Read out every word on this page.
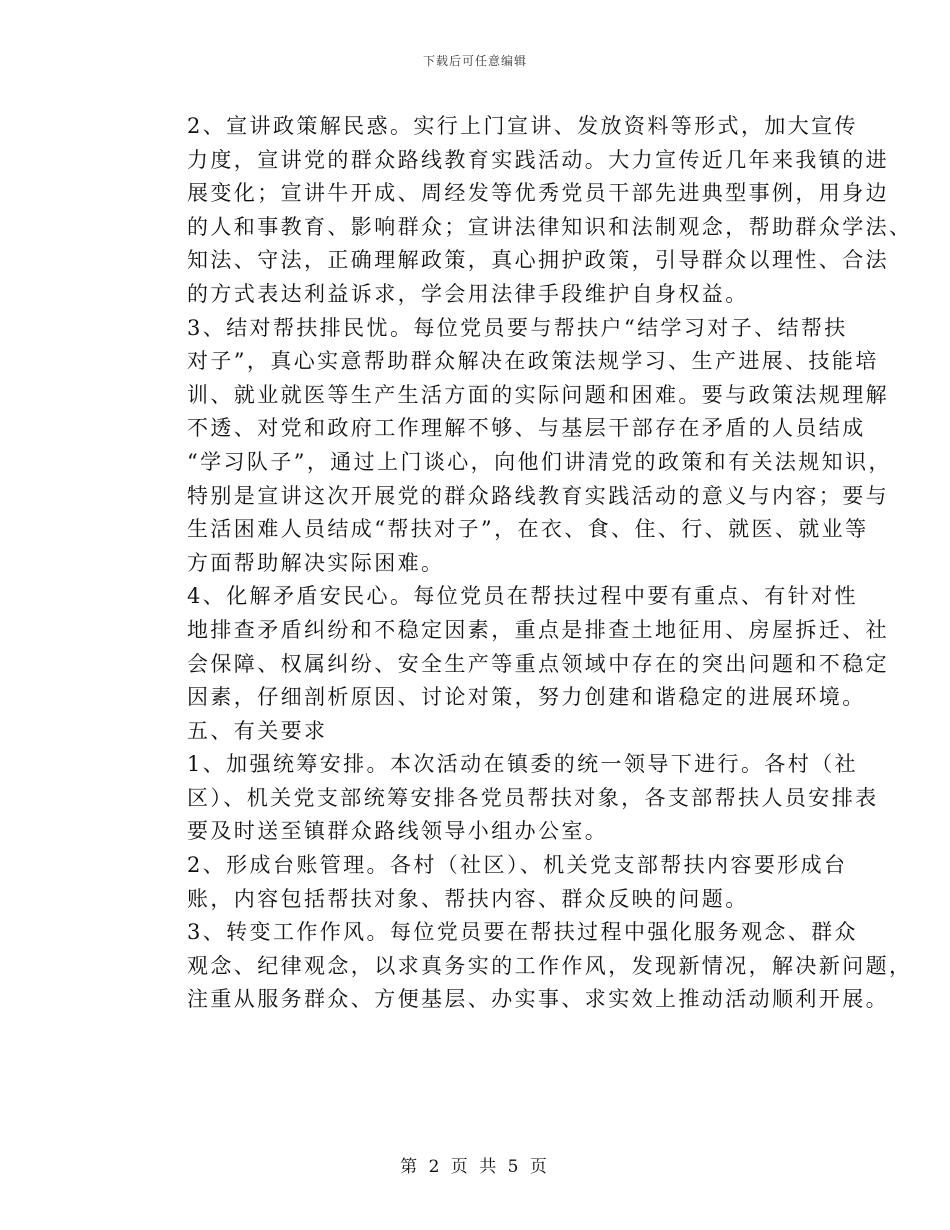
下载后可任意编辑

2、宣讲政策解民惑。实行上门宣讲、发放资料等形式，加大宣传
力度，宣讲党的群众路线教育实践活动。大力宣传近几年来我镇的进
展变化；宣讲牛开成、周经发等优秀党员干部先进典型事例，用身边
的人和事教育、影响群众；宣讲法律知识和法制观念，帮助群众学法、
知法、守法，正确理解政策，真心拥护政策，引导群众以理性、合法
的方式表达利益诉求，学会用法律手段维护自身权益。

3、结对帮扶排民忧。每位党员要与帮扶户“结学习对子、结帮扶
对子”，真心实意帮助群众解决在政策法规学习、生产进展、技能培
训、就业就医等生产生活方面的实际问题和困难。要与政策法规理解
不透、对党和政府工作理解不够、与基层干部存在矛盾的人员结成
“学习队子”，通过上门谈心，向他们讲清党的政策和有关法规知识，
特别是宣讲这次开展党的群众路线教育实践活动的意义与内容；要与
生活困难人员结成“帮扶对子”，在衣、食、住、行、就医、就业等
方面帮助解决实际困难。

4、化解矛盾安民心。每位党员在帮扶过程中要有重点、有针对性
地排查矛盾纠纷和不稳定因素，重点是排查土地征用、房屋拆迁、社
会保障、权属纠纷、安全生产等重点领域中存在的突出问题和不稳定
因素，仔细剖析原因、讨论对策，努力创建和谐稳定的进展环境。

五、有关要求

1、加强统筹安排。本次活动在镇委的统一领导下进行。各村（社
区）、机关党支部统筹安排各党员帮扶对象，各支部帮扶人员安排表
要及时送至镇群众路线领导小组办公室。

2、形成台账管理。各村（社区）、机关党支部帮扶内容要形成台
账，内容包括帮扶对象、帮扶内容、群众反映的问题。

3、转变工作作风。每位党员要在帮扶过程中强化服务观念、群众
观念、纪律观念，以求真务实的工作作风，发现新情况，解决新问题，
注重从服务群众、方便基层、办实事、求实效上推动活动顺利开展。

第 2 页 共 5 页
